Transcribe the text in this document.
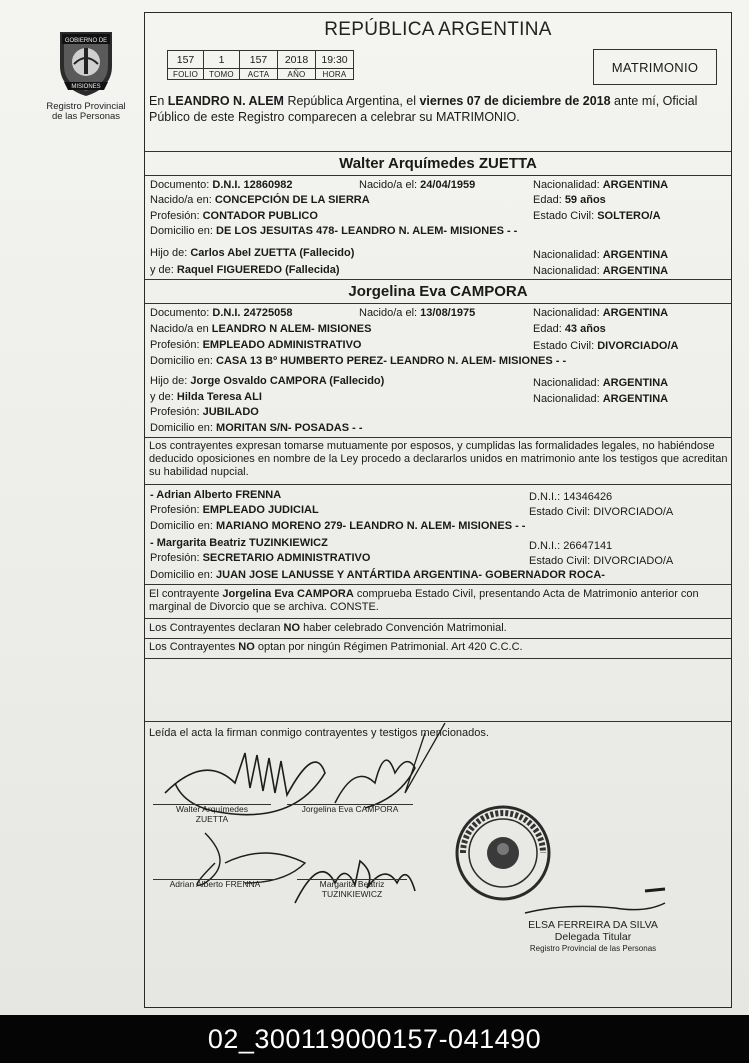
GOBIERNO DE
MISIONES
Registro Provincial
de las Personas
REPÚBLICA ARGENTINA
157	1	157	2018	19:30
FOLIO	TOMO	ACTA	AÑO	HORA	MATRIMONIO
En LEANDRO N. ALEM República Argentina, el viernes 07 de diciembre de 2018 ante mí, Oficial Público de este Registro comparecen a celebrar su MATRIMONIO.
Walter Arquímedes ZUETTA
Documento: D.N.I. 12860982	Nacido/a el: 24/04/1959	Nacionalidad: ARGENTINA
Nacido/a en: CONCEPCIÓN DE LA SIERRA	Edad: 59 años
Profesión: CONTADOR PUBLICO	Estado Civil: SOLTERO/A
Domicilio en: DE LOS JESUITAS 478- LEANDRO N. ALEM- MISIONES - -
Hijo de: Carlos Abel ZUETTA (Fallecido)	Nacionalidad: ARGENTINA
y de: Raquel FIGUEREDO (Fallecida)	Nacionalidad: ARGENTINA
Jorgelina Eva CAMPORA
Documento: D.N.I. 24725058	Nacido/a el: 13/08/1975	Nacionalidad: ARGENTINA
Nacido/a en LEANDRO N ALEM- MISIONES	Edad: 43 años
Profesión: EMPLEADO ADMINISTRATIVO	Estado Civil: DIVORCIADO/A
Domicilio en: CASA 13 Bº HUMBERTO PEREZ- LEANDRO N. ALEM- MISIONES - -
Hijo de: Jorge Osvaldo CAMPORA (Fallecido)	Nacionalidad: ARGENTINA
y de: Hilda Teresa ALI	Nacionalidad: ARGENTINA
Profesión: JUBILADO
Domicilio en: MORITAN S/N- POSADAS - -
Los contrayentes expresan tomarse mutuamente por esposos, y cumplidas las formalidades legales, no habiéndose deducido oposiciones en nombre de la Ley procedo a declararlos unidos en matrimonio ante los testigos que acreditan su habilidad nupcial.
- Adrian Alberto FRENNA	D.N.I.: 14346426
Profesión: EMPLEADO JUDICIAL	Estado Civil: DIVORCIADO/A
Domicilio en: MARIANO MORENO 279- LEANDRO N. ALEM- MISIONES - -
- Margarita Beatriz TUZINKIEWICZ	D.N.I.: 26647141
Profesión: SECRETARIO ADMINISTRATIVO	Estado Civil: DIVORCIADO/A
Domicilio en: JUAN JOSE LANUSSE Y ANTÁRTIDA ARGENTINA- GOBERNADOR ROCA-
El contrayente Jorgelina Eva CAMPORA comprueba Estado Civil, presentando Acta de Matrimonio anterior con marginal de Divorcio que se archiva. CONSTE.
Los Contrayentes declaran NO haber celebrado Convención Matrimonial.
Los Contrayentes NO optan por ningún Régimen Patrimonial. Art 420 C.C.C.
Leída el acta la firman conmigo contrayentes y testigos mencionados.
Walter Arquímedes
ZUETTA
Jorgelina Eva CAMPORA
Adrian Alberto FRENNA	Margarita Beatriz
TUZINKIEWICZ
ELSA FERREIRA DA SILVA
Delegada Titular
Registro Provincial de las Personas
02_300119000157-041490
